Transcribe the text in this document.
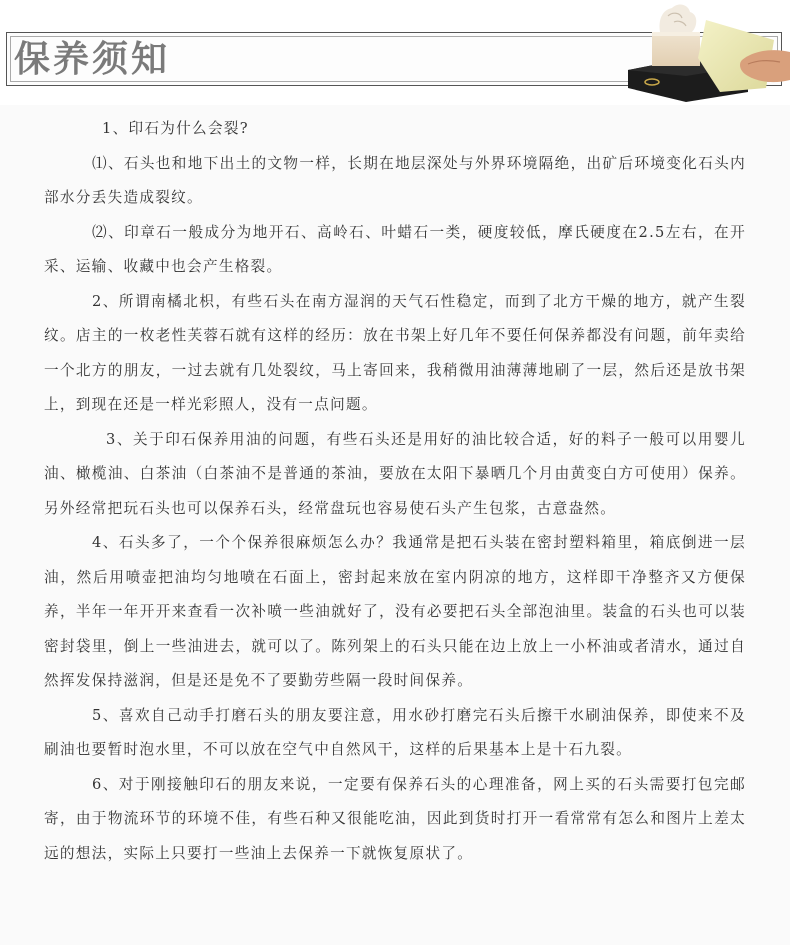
保养须知

1、印石为什么会裂?

⑴、石头也和地下出土的文物一样，长期在地层深处与外界环境隔绝，出矿后环境变化石头内部水分丢失造成裂纹。

⑵、印章石一般成分为地开石、高岭石、叶蜡石一类，硬度较低，摩氏硬度在2.5左右，在开采、运输、收藏中也会产生格裂。

2、所谓南橘北枳，有些石头在南方湿润的天气石性稳定，而到了北方干燥的地方，就产生裂纹。店主的一枚老性芙蓉石就有这样的经历：放在书架上好几年不要任何保养都没有问题，前年卖给一个北方的朋友，一过去就有几处裂纹，马上寄回来，我稍微用油薄薄地刷了一层，然后还是放书架上，到现在还是一样光彩照人，没有一点问题。

3、关于印石保养用油的问题，有些石头还是用好的油比较合适，好的料子一般可以用婴儿油、橄榄油、白茶油（白茶油不是普通的茶油，要放在太阳下暴晒几个月由黄变白方可使用）保养。另外经常把玩石头也可以保养石头，经常盘玩也容易使石头产生包浆，古意盎然。

4、石头多了，一个个保养很麻烦怎么办？我通常是把石头装在密封塑料箱里，箱底倒进一层油，然后用喷壶把油均匀地喷在石面上，密封起来放在室内阴凉的地方，这样即干净整齐又方便保养，半年一年开开来查看一次补喷一些油就好了，没有必要把石头全部泡油里。装盒的石头也可以装密封袋里，倒上一些油进去，就可以了。陈列架上的石头只能在边上放上一小杯油或者清水，通过自然挥发保持滋润，但是还是免不了要勤劳些隔一段时间保养。

5、喜欢自己动手打磨石头的朋友要注意，用水砂打磨完石头后擦干水刷油保养，即使来不及刷油也要暂时泡水里，不可以放在空气中自然风干，这样的后果基本上是十石九裂。

6、对于刚接触印石的朋友来说，一定要有保养石头的心理准备，网上买的石头需要打包完邮寄，由于物流环节的环境不佳，有些石种又很能吃油，因此到货时打开一看常常有怎么和图片上差太远的想法，实际上只要打一些油上去保养一下就恢复原状了。
